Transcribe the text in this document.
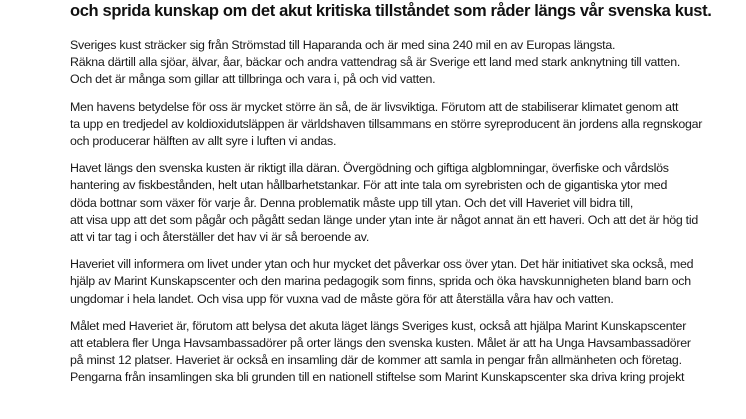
och sprida kunskap om det akut kritiska tillståndet som råder längs vår svenska kust.

Sveriges kust sträcker sig från Strömstad till Haparanda och är med sina 240 mil en av Europas längsta.
Räkna därtill alla sjöar, älvar, åar, bäckar och andra vattendrag så är Sverige ett land med stark anknytning till vatten.
Och det är många som gillar att tillbringa och vara i, på och vid vatten.

Men havens betydelse för oss är mycket större än så, de är livsviktiga. Förutom att de stabiliserar klimatet genom att
ta upp en tredjedel av koldioxidutsläppen är världshaven tillsammans en större syreproducent än jordens alla regnskogar
och producerar hälften av allt syre i luften vi andas.

Havet längs den svenska kusten är riktigt illa däran. Övergödning och giftiga algblomningar, överfiske och vårdslös
hantering av fiskbestånden, helt utan hållbarhetstankar. För att inte tala om syrebristen och de gigantiska ytor med
döda bottnar som växer för varje år. Denna problematik måste upp till ytan. Och det vill Haveriet vill bidra till,
att visa upp att det som pågår och pågått sedan länge under ytan inte är något annat än ett haveri. Och att det är hög tid
att vi tar tag i och återställer det hav vi är så beroende av.

Haveriet vill informera om livet under ytan och hur mycket det påverkar oss över ytan. Det här initiativet ska också, med
hjälp av Marint Kunskapscenter och den marina pedagogik som finns, sprida och öka havskunnigheten bland barn och
ungdomar i hela landet. Och visa upp för vuxna vad de måste göra för att återställa våra hav och vatten.

Målet med Haveriet är, förutom att belysa det akuta läget längs Sveriges kust, också att hjälpa Marint Kunskapscenter
att etablera fler Unga Havsambassadörer på orter längs den svenska kusten. Målet är att ha Unga Havsambassadörer
på minst 12 platser. Haveriet är också en insamling där de kommer att samla in pengar från allmänheten och företag.
Pengarna från insamlingen ska bli grunden till en nationell stiftelse som Marint Kunskapscenter ska driva kring projekt
